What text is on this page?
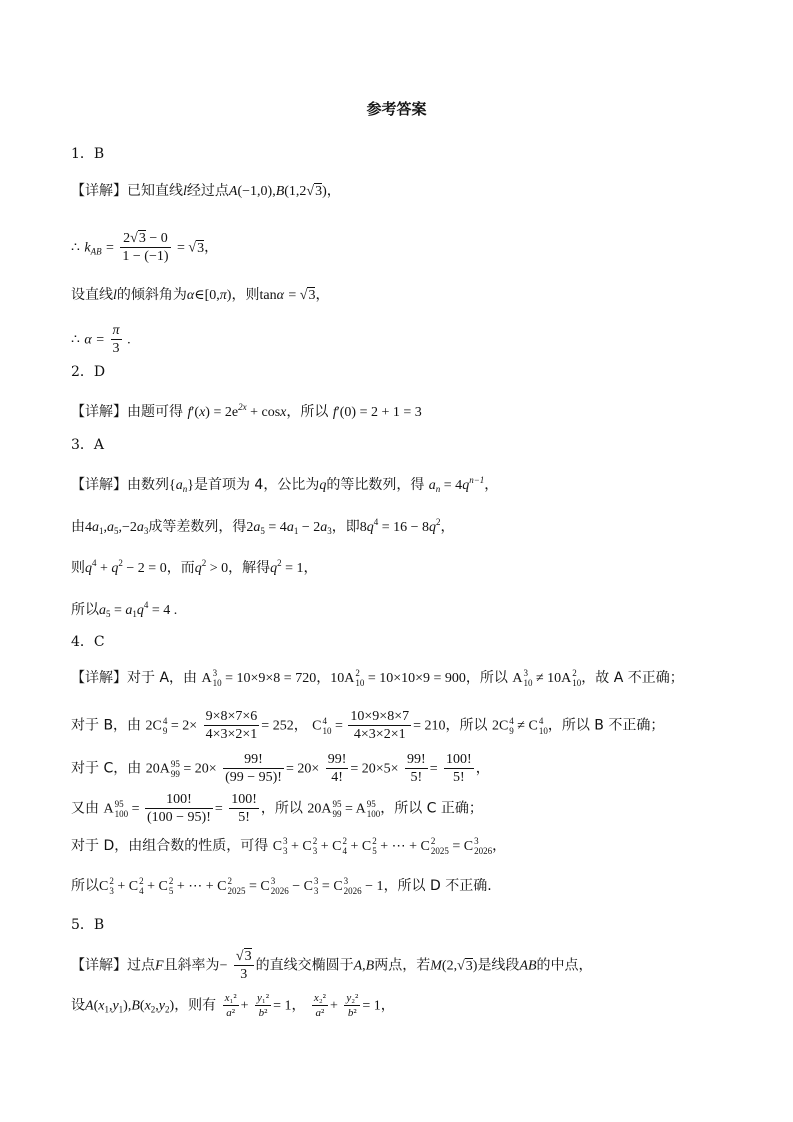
参考答案
1．B
【详解】已知直线l经过点A(−1,0),B(1,2√3)，
∴ $k_{AB} = \frac{2√3 - 0}{1 - (-1)} = √3$，
设直线l的倾斜角为α∈[0,π)，则tanα = √3，
∴ $\alpha = \frac{\pi}{3}$ .
2．D
【详解】由题可得 $f'(x) = 2e^{2x} + \cos x$，所以 f′(0) = 2 + 1 = 3
3．A
【详解】由数列$\{a_n\}$是首项为 4，公比为q的等比数列，得 $a_n = 4q^{n-1}$，
由$4a_1,a_5,-2a_3$成等差数列，得$2a_5 = 4a_1 - 2a_3$，即$8q^4 = 16 - 8q^2$，
则$q^4 + q^2 - 2 = 0$，而$q^2 > 0$，解得$q^2 = 1$，
所以$a_5 = a_1q^4 = 4$ .
4．C
【详解】对于 A，由 A 3
10 = 10×9×8 = 720，10A 2
10 = 10×10×9 = 900，所以 A 3
10 ≠ 10A 2
10 ，故 A 不正确；
对于 B，由 2C 4
$9 = 2\times \frac{9\times 8\times 7\times 6}{4\times 3\times 2\times 1} = 252$， C 4
$10 = \frac{10\times 9\times 8\times 7}{4\times 3\times 2\times 1} = 210$，所以 2C 4
9 ≠ C 4
10 ，所以 B 不正确；
对于 C，由 20A 95
$99 = 20\times \frac{99!}{(99 - 95)!} = 20\times \frac{99!}{4!} = 20\times 5\times \frac{99!}{5!} = \frac{100!}{5!}$ ，
又由 A 95
$100 = \frac{100!}{(100 - 95)!} = \frac{100!}{5!}$ ，所以 20A 95
99 = A 95
100 ，所以 C 正确；
对于 D，由组合数的性质，可得 C 3
3 + C 2
3 + C 2
4 + C 2
5 + ⋯ + C 2
2025 = C 3
2026 ，
所以C 2
3 + C 2
4 + C 2
5 + ⋯ + C 2
2025 = C 3
2026 − C 3
3 = C 3
2026 − 1，所以 D 不正确.
5．B
【详解】过点F且斜率为− $\frac{√3}{3}$ 的直线交椭圆于A,B两点，若M(2,√3)是线段AB的中点，
设$A(x_1,y_1),B(x_2,y_2)$，则有 $\frac{\text{x₁²}}{\text{a²}} + \frac{\text{y₁²}}{\text{b²}} = 1$， $\frac{\text{x₂²}}{\text{a²}} + \frac{\text{y₂²}}{\text{b²}} = 1$，
